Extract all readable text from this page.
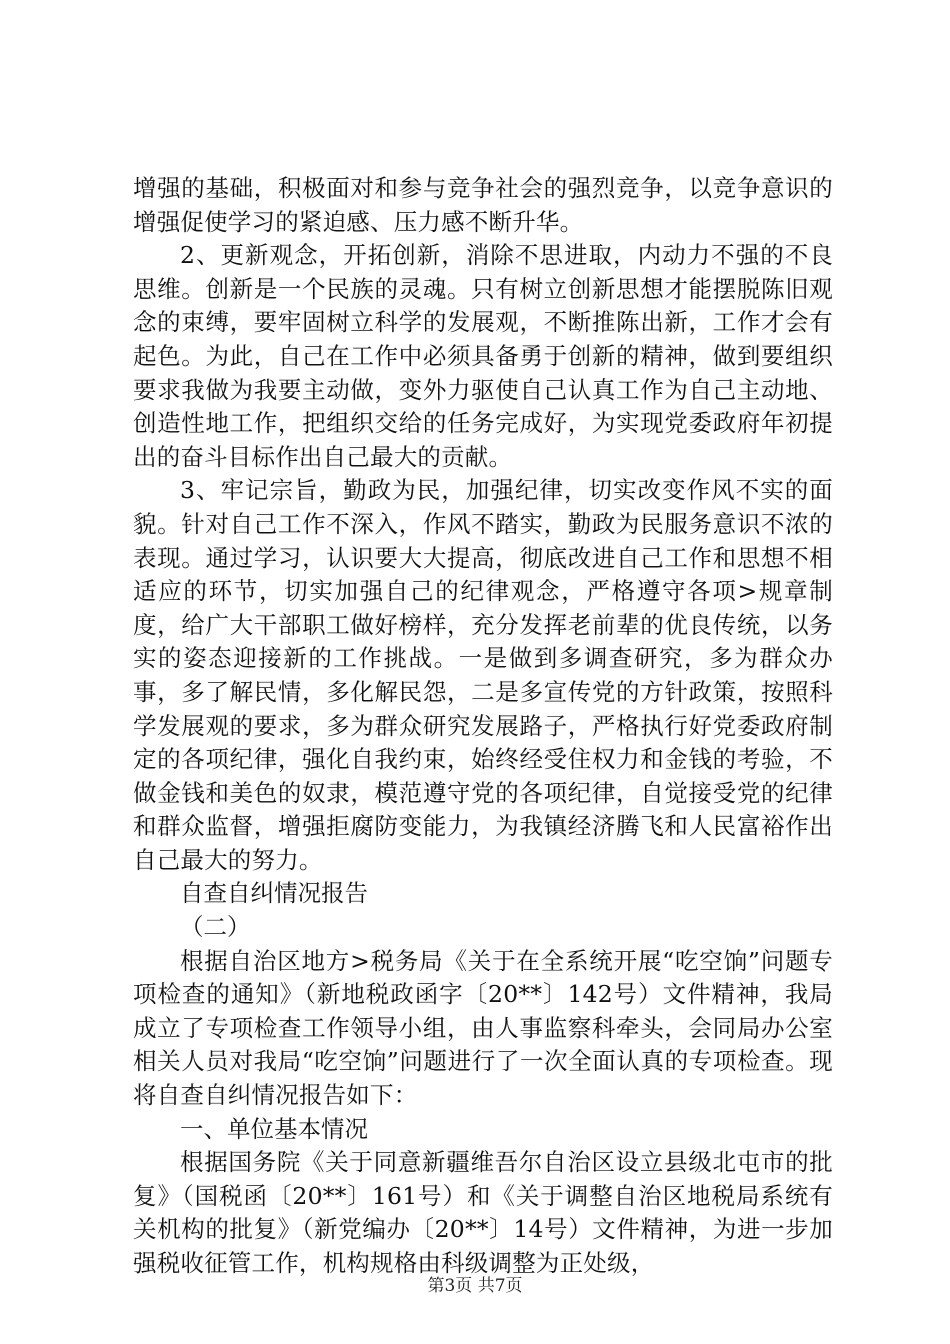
增强的基础，积极面对和参与竞争社会的强烈竞争，以竞争意识的增强促使学习的紧迫感、压力感不断升华。

2、更新观念，开拓创新，消除不思进取，内动力不强的不良思维。创新是一个民族的灵魂。只有树立创新思想才能摆脱陈旧观念的束缚，要牢固树立科学的发展观，不断推陈出新，工作才会有起色。为此，自己在工作中必须具备勇于创新的精神，做到要组织要求我做为我要主动做，变外力驱使自己认真工作为自己主动地、创造性地工作，把组织交给的任务完成好，为实现党委政府年初提出的奋斗目标作出自己最大的贡献。

3、牢记宗旨，勤政为民，加强纪律，切实改变作风不实的面貌。针对自己工作不深入，作风不踏实，勤政为民服务意识不浓的表现。通过学习，认识要大大提高，彻底改进自己工作和思想不相适应的环节，切实加强自己的纪律观念，严格遵守各项>规章制度，给广大干部职工做好榜样，充分发挥老前辈的优良传统，以务实的姿态迎接新的工作挑战。一是做到多调查研究，多为群众办事，多了解民情，多化解民怨，二是多宣传党的方针政策，按照科学发展观的要求，多为群众研究发展路子，严格执行好党委政府制定的各项纪律，强化自我约束，始终经受住权力和金钱的考验，不做金钱和美色的奴隶，模范遵守党的各项纪律，自觉接受党的纪律和群众监督，增强拒腐防变能力，为我镇经济腾飞和人民富裕作出自己最大的努力。

自查自纠情况报告

（二）

根据自治区地方>税务局《关于在全系统开展“吃空饷”问题专项检查的通知》（新地税政函字〔20**〕142号）文件精神，我局成立了专项检查工作领导小组，由人事监察科牵头，会同局办公室相关人员对我局“吃空饷”问题进行了一次全面认真的专项检查。现将自查自纠情况报告如下：

一、单位基本情况

根据国务院《关于同意新疆维吾尔自治区设立县级北屯市的批复》（国税函〔20**〕161号）和《关于调整自治区地税局系统有关机构的批复》（新党编办〔20**〕14号）文件精神，为进一步加强税收征管工作，机构规格由科级调整为正处级，

第3页 共7页
